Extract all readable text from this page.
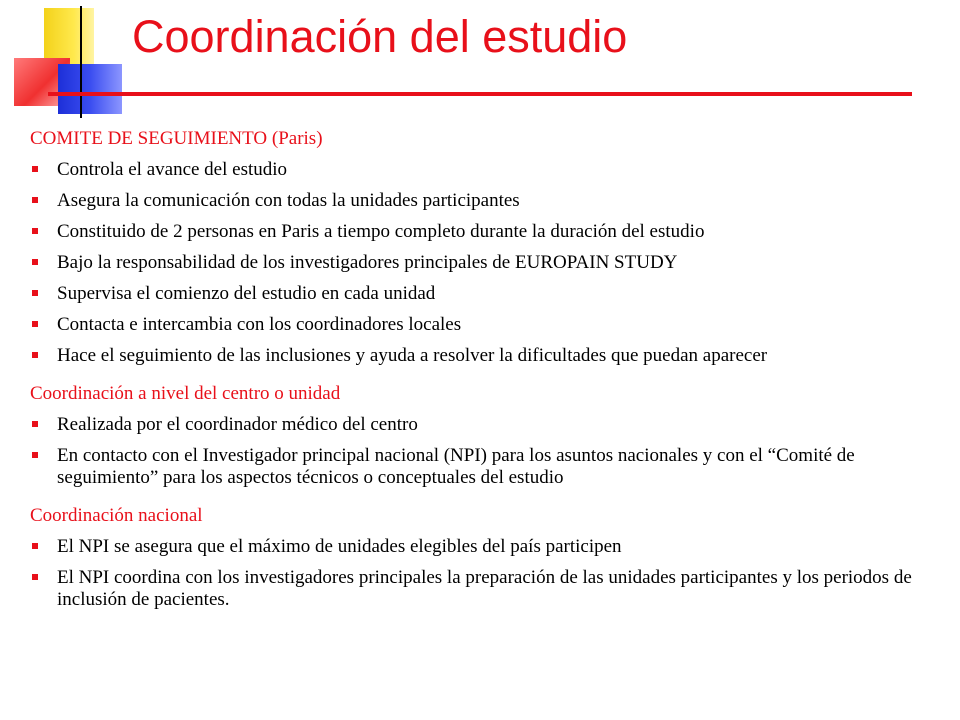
Coordinación del estudio

COMITE DE SEGUIMIENTO (Paris)

Controla el avance del estudio
Asegura la comunicación con todas la unidades participantes
Constituido de 2 personas en Paris a tiempo completo durante la duración del estudio
Bajo la responsabilidad de los investigadores principales de EUROPAIN STUDY
Supervisa el comienzo del estudio en cada unidad
Contacta e intercambia con los coordinadores locales
Hace el seguimiento de las inclusiones y ayuda a resolver la dificultades que puedan aparecer

Coordinación a nivel del centro o unidad

Realizada por el coordinador médico del centro
En contacto con el Investigador principal nacional (NPI) para los asuntos nacionales y con el “Comité de seguimiento” para los aspectos técnicos o conceptuales del estudio

Coordinación nacional

El NPI se asegura que el máximo de unidades elegibles del país participen
El NPI coordina con los investigadores principales la preparación de las unidades participantes y los periodos de inclusión de pacientes.
